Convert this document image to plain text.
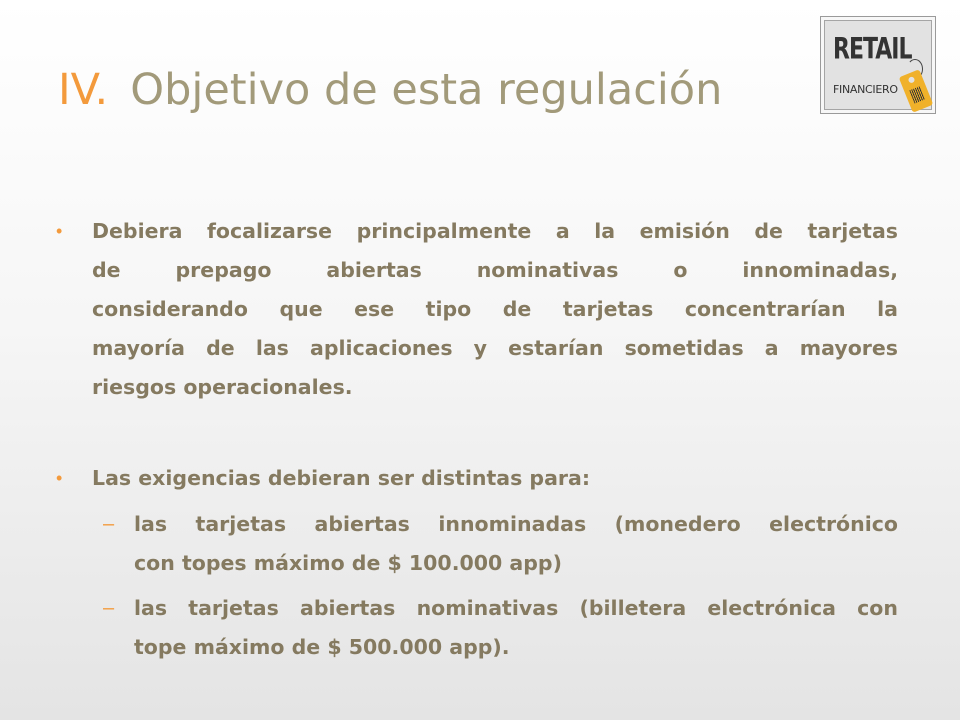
IV. Objetivo de esta regulación
RETAIL
FINANCIERO
• Debiera focalizarse principalmente a la emisión de tarjetas
de prepago abiertas nominativas o innominadas,
considerando que ese tipo de tarjetas concentrarían la
mayoría de las aplicaciones y estarían sometidas a mayores
riesgos operacionales.

• Las exigencias debieran ser distintas para:

– las tarjetas abiertas innominadas (monedero electrónico
con topes máximo de $ 100.000 app)

– las tarjetas abiertas nominativas (billetera electrónica con
tope máximo de $ 500.000 app).
